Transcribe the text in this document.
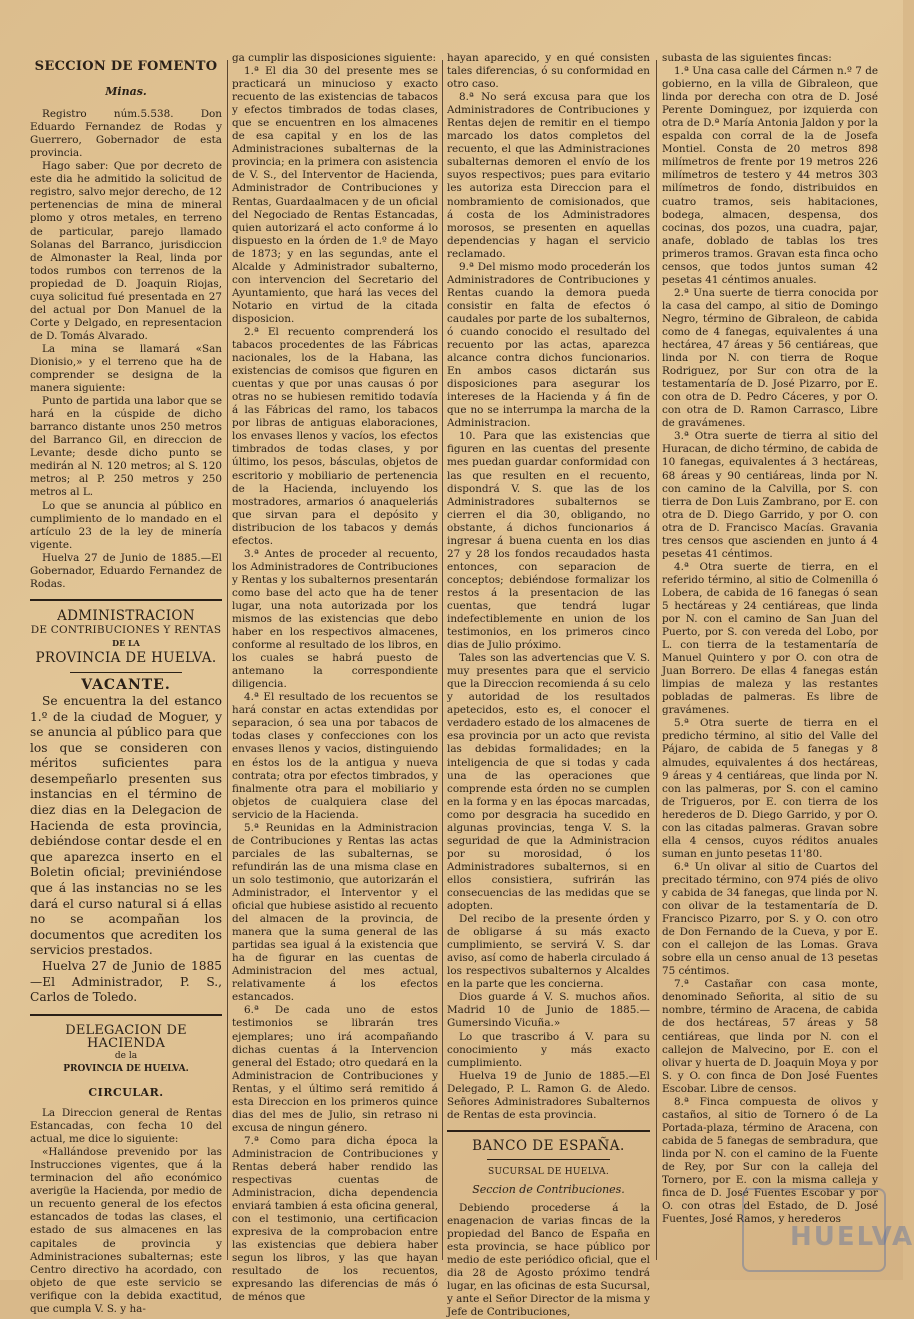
SECCION DE FOMENTO
Minas.

Registro núm.5.538. Don Eduardo Fernandez de Rodas y Guerrero, Gobernador de esta provincia.

Hago saber: Que por decreto de este dia he admitido la solicitud de registro, salvo mejor derecho, de 12 pertenencias de mina de mineral plomo y otros metales, en terreno de particular, parejo llamado Solanas del Barranco, jurisdiccion de Almonaster la Real, linda por todos rumbos con terrenos de la propiedad de D. Joaquin Riojas, cuya solicitud fué presentada en 27 del actual por Don Manuel de la Corte y Delgado, en representacion de D. Tomás Alvarado.

La mina se llamará «San Dionisio,» y el terreno que ha de comprender se designa de la manera siguiente:

Punto de partida una labor que se hará en la cúspide de dicho barranco distante unos 250 metros del Barranco Gil, en direccion de Levante; desde dicho punto se medirán al N. 120 metros; al S. 120 metros; al P. 250 metros y 250 metros al L.

Lo que se anuncia al público en cumplimiento de lo mandado en el artículo 23 de la ley de minería vigente.

Huelva 27 de Junio de 1885.—El Gobernador, Eduardo Fernandez de Rodas.

ADMINISTRACION
DE CONTRIBUCIONES Y RENTAS
DE LA
PROVINCIA DE HUELVA.
VACANTE.

Se encuentra la del estanco 1.º de la ciudad de Moguer, y se anuncia al público para que los que se consideren con méritos suficientes para desempeñarlo presenten sus instancias en el término de diez dias en la Delegacion de Hacienda de esta provincia, debiéndose contar desde el en que aparezca inserto en el Boletin oficial; previniéndose que á las instancias no se les dará el curso natural si á ellas no se acompañan los documentos que acrediten los servicios prestados.

Huelva 27 de Junio de 1885 —El Administrador, P. S., Carlos de Toledo.

DELEGACION DE HACIENDA
de la
PROVINCIA DE HUELVA.
CIRCULAR.

La Direccion general de Rentas Estancadas, con fecha 10 del actual, me dice lo siguiente:

«Hallándose prevenido por las Instrucciones vigentes, que á la terminacion del año económico averigüe la Hacienda, por medio de un recuento general de los efectos estancados de todas las clases, el estado de sus almacenes en las capitales de provincia y Administraciones subalternas; este Centro directivo ha acordado, con objeto de que este servicio se verifique con la debida exactitud, que cumpla V. S. y ha-

ga cumplir las disposiciones siguiente:

1.ª El dia 30 del presente mes se practicará un minucioso y exacto recuento de las existencias de tabacos y efectos timbrados de todas clases, que se encuentren en los almacenes de esa capital y en los de las Administraciones subalternas de la provincia; en la primera con asistencia de V. S., del Interventor de Hacienda, Administrador de Contribuciones y Rentas, Guardaalmacen y de un oficial del Negociado de Rentas Estancadas, quien autorizará el acto conforme á lo dispuesto en la órden de 1.º de Mayo de 1873; y en las segundas, ante el Alcalde y Administrador subalterno, con intervencion del Secretario del Ayuntamiento, que hará las veces del Notario en virtud de la citada disposicion.

2.ª El recuento comprenderá los tabacos procedentes de las Fábricas nacionales, los de la Habana, las existencias de comisos que figuren en cuentas y que por unas causas ó por otras no se hubiesen remitido todavía á las Fábricas del ramo, los tabacos por libras de antiguas elaboraciones, los envases llenos y vacíos, los efectos timbrados de todas clases, y por último, los pesos, básculas, objetos de escritorio y mobiliario de pertenencia de la Hacienda, incluyendo los mostradores, armarios ó anaqueleriás que sirvan para el depósito y distribucion de los tabacos y demás efectos.

3.ª Antes de proceder al recuento, los Administradores de Contribuciones y Rentas y los subalternos presentarán como base del acto que ha de tener lugar, una nota autorizada por los mismos de las existencias que debo haber en los respectivos almacenes, conforme al resultado de los libros, en los cuales se habrá puesto de antemano la correspondiente diligencia.

4.ª El resultado de los recuentos se hará constar en actas extendidas por separacion, ó sea una por tabacos de todas clases y confecciones con los envases llenos y vacios, distinguiendo en éstos los de la antigua y nueva contrata; otra por efectos timbrados, y finalmente otra para el mobiliario y objetos de cualquiera clase del servicio de la Hacienda.

5.ª Reunidas en la Administracion de Contribuciones y Rentas las actas parciales de las subalternas, se refundirán las de una misma clase en un solo testimonio, que autorizarán el Administrador, el Interventor y el oficial que hubiese asistido al recuento del almacen de la provincia, de manera que la suma general de las partidas sea igual á la existencia que ha de figurar en las cuentas de Administracion del mes actual, relativamente á los efectos estancados.

6.ª De cada uno de estos testimonios se librarán tres ejemplares; uno irá acompañando dichas cuentas á la Intervencion general del Estado; otro quedará en la Administracion de Contribuciones y Rentas, y el último será remitido á esta Direccion en los primeros quince dias del mes de Julio, sin retraso ni excusa de ningun género.

7.ª Como para dicha época la Administracion de Contribuciones y Rentas deberá haber rendido las respectivas cuentas de Administracion, dicha dependencia enviará tambien á esta oficina general, con el testimonio, una certificacion expresiva de la comprobacion entre las existencias que debiera haber segun los libros, y las que hayan resultado de los recuentos, expresando las diferencias de más ó de ménos que

hayan aparecido, y en qué consisten tales diferencias, ó su conformidad en otro caso.

8.ª No será excusa para que los Administradores de Contribuciones y Rentas dejen de remitir en el tiempo marcado los datos completos del recuento, el que las Administraciones subalternas demoren el envío de los suyos respectivos; pues para evitario les autoriza esta Direccion para el nombramiento de comisionados, que á costa de los Administradores morosos, se presenten en aquellas dependencias y hagan el servicio reclamado.

9.ª Del mismo modo procederán los Administradores de Contribuciones y Rentas cuando la demora pueda consistir en falta de efectos ó caudales por parte de los subalternos, ó cuando conocido el resultado del recuento por las actas, aparezca alcance contra dichos funcionarios. En ambos casos dictarán sus disposiciones para asegurar los intereses de la Hacienda y á fin de que no se interrumpa la marcha de la Administracion.

10. Para que las existencias que figuren en las cuentas del presente mes puedan guardar conformidad con las que resulten en el recuento, dispondrá V. S. que las de los Administradores subalternos se cierren el dia 30, obligando, no obstante, á dichos funcionarios á ingresar á buena cuenta en los dias 27 y 28 los fondos recaudados hasta entonces, con separacion de conceptos; debiéndose formalizar los restos á la presentacion de las cuentas, que tendrá lugar indefectiblemente en union de los testimonios, en los primeros cinco dias de Julio próximo.

Tales son las advertencias que V. S. muy presentes para que el servicio que la Direccion recomienda á su celo y autoridad de los resultados apetecidos, esto es, el conocer el verdadero estado de los almacenes de esa provincia por un acto que revista las debidas formalidades; en la inteligencia de que si todas y cada una de las operaciones que comprende esta órden no se cumplen en la forma y en las épocas marcadas, como por desgracia ha sucedido en algunas provincias, tenga V. S. la seguridad de que la Administracion por su morosidad, ó los Administradores subalternos, si en ellos consistiera, sufrirán las consecuencias de las medidas que se adopten.

Del recibo de la presente órden y de obligarse á su más exacto cumplimiento, se servirá V. S. dar aviso, así como de haberla circulado á los respectivos subalternos y Alcaldes en la parte que les concierna.

Dios guarde á V. S. muchos años. Madrid 10 de Junio de 1885.—Gumersindo Vicuña.»

Lo que trascribo á V. para su conocimiento y más exacto cumplimiento.

Huelva 19 de Junio de 1885.—El Delegado, P. L. Ramon G. de Aledo. Señores Administradores Subalternos de Rentas de esta provincia.

BANCO DE ESPAÑA.
SUCURSAL DE HUELVA.
Seccion de Contribuciones.

Debiendo procederse á la enagenacion de varias fincas de la propiedad del Banco de España en esta provincia, se hace público por medio de este periódico oficial, que el dia 28 de Agosto próximo tendrá lugar, en las oficinas de esta Sucursal, y ante el Señor Director de la misma y Jefe de Contribuciones,

subasta de las siguientes fincas:

1.ª Una casa calle del Cármen n.º 7 de gobierno, en la villa de Gibraleon, que linda por derecha con otra de D. José Perente Dominguez, por izquierda con otra de D.ª María Antonia Jaldon y por la espalda con corral de la de Josefa Montiel. Consta de 20 metros 898 milímetros de frente por 19 metros 226 milímetros de testero y 44 metros 303 milímetros de fondo, distribuidos en cuatro tramos, seis habitaciones, bodega, almacen, despensa, dos cocinas, dos pozos, una cuadra, pajar, anafe, doblado de tablas los tres primeros tramos. Gravan esta finca ocho censos, que todos juntos suman 42 pesetas 41 céntimos anuales.

2.ª Una suerte de tierra conocida por la casa del campo, al sitio de Domingo Negro, término de Gibraleon, de cabida como de 4 fanegas, equivalentes á una hectárea, 47 áreas y 56 centiáreas, que linda por N. con tierra de Roque Rodriguez, por Sur con otra de la testamentaría de D. José Pizarro, por E. con otra de D. Pedro Cáceres, y por O. con otra de D. Ramon Carrasco, Libre de gravámenes.

3.ª Otra suerte de tierra al sitio del Huracan, de dicho término, de cabida de 10 fanegas, equivalentes á 3 hectáreas, 68 áreas y 90 centiáreas, linda por N. con camino de la Calvilla, por S. con tierra de Don Luis Zambrano, por E. con otra de D. Diego Garrido, y por O. con otra de D. Francisco Macías. Gravania tres censos que ascienden en junto á 4 pesetas 41 céntimos.

4.ª Otra suerte de tierra, en el referido término, al sitio de Colmenilla ó Lobera, de cabida de 16 fanegas ó sean 5 hectáreas y 24 centiáreas, que linda por N. con el camino de San Juan del Puerto, por S. con vereda del Lobo, por L. con tierra de la testamentaría de Manuel Quintero y por O. con otra de Juan Borrero. De ellas 4 fanegas están limpias de maleza y las restantes pobladas de palmeras. Es libre de gravámenes.

5.ª Otra suerte de tierra en el predicho término, al sitio del Valle del Pájaro, de cabida de 5 fanegas y 8 almudes, equivalentes á dos hectáreas, 9 áreas y 4 centiáreas, que linda por N. con las palmeras, por S. con el camino de Trigueros, por E. con tierra de los herederos de D. Diego Garrido, y por O. con las citadas palmeras. Gravan sobre ella 4 censos, cuyos réditos anuales suman en junto pesetas 11'80.

6.ª Un olivar al sitio de Cuartos del precitado término, con 974 piés de olivo y cabida de 34 fanegas, que linda por N. con olivar de la testamentaría de D. Francisco Pizarro, por S. y O. con otro de Don Fernando de la Cueva, y por E. con el callejon de las Lomas. Grava sobre ella un censo anual de 13 pesetas 75 céntimos.

7.ª Castañar con casa monte, denominado Señorita, al sitio de su nombre, término de Aracena, de cabida de dos hectáreas, 57 áreas y 58 centiáreas, que linda por N. con el callejon de Malvecino, por E. con el olivar y huerta de D. Joaquin Moya y por S. y O. con finca de Don José Fuentes Escobar. Libre de censos.

8.ª Finca compuesta de olivos y castaños, al sitio de Tornero ó de La Portada-plaza, término de Aracena, con cabida de 5 fanegas de sembradura, que linda por N. con el camino de la Fuente de Rey, por Sur con la calleja del Tornero, por E. con la misma calleja y finca de D. José Fuentes Escobar y por O. con otras del Estado, de D. José Fuentes, José Ramos, y herederos

HUELVA
